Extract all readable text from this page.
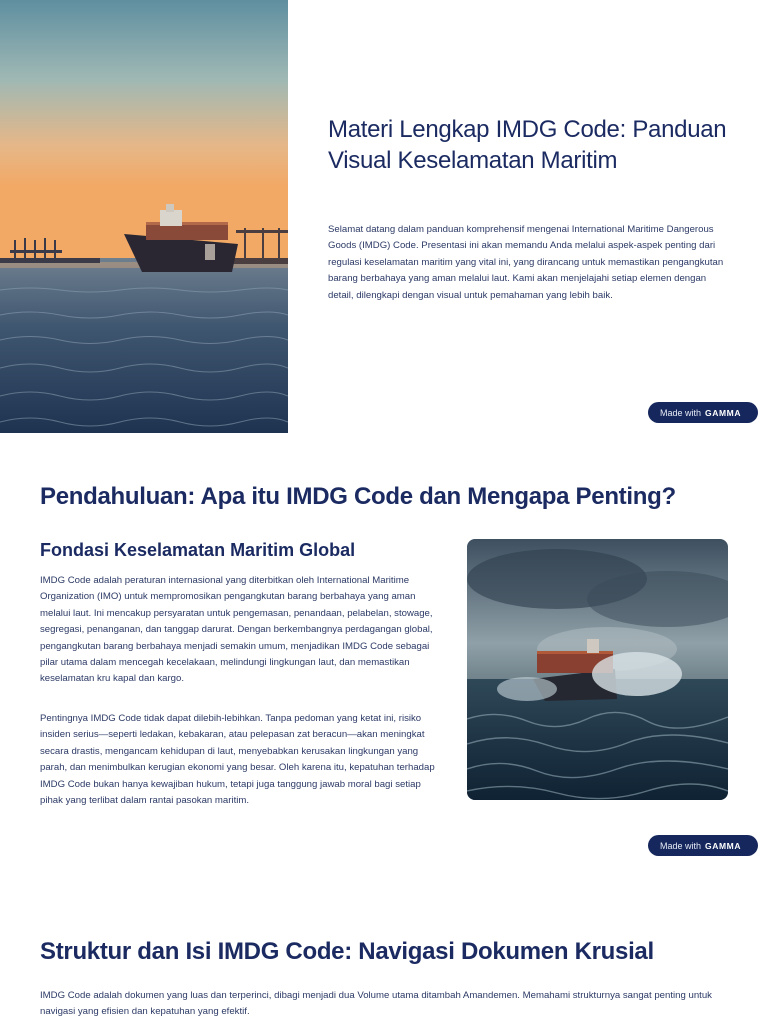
Materi Lengkap IMDG Code: Panduan Visual Keselamatan Maritim

Selamat datang dalam panduan komprehensif mengenai International Maritime Dangerous Goods (IMDG) Code. Presentasi ini akan memandu Anda melalui aspek-aspek penting dari regulasi keselamatan maritim yang vital ini, yang dirancang untuk memastikan pengangkutan barang berbahaya yang aman melalui laut. Kami akan menjelajahi setiap elemen dengan detail, dilengkapi dengan visual untuk pemahaman yang lebih baik.

Made with GAMMA
Pendahuluan: Apa itu IMDG Code dan Mengapa Penting?
Fondasi Keselamatan Maritim Global

IMDG Code adalah peraturan internasional yang diterbitkan oleh International Maritime Organization (IMO) untuk mempromosikan pengangkutan barang berbahaya yang aman melalui laut. Ini mencakup persyaratan untuk pengemasan, penandaan, pelabelan, stowage, segregasi, penanganan, dan tanggap darurat. Dengan berkembangnya perdagangan global, pengangkutan barang berbahaya menjadi semakin umum, menjadikan IMDG Code sebagai pilar utama dalam mencegah kecelakaan, melindungi lingkungan laut, dan memastikan keselamatan kru kapal dan kargo.

Pentingnya IMDG Code tidak dapat dilebih-lebihkan. Tanpa pedoman yang ketat ini, risiko insiden serius—seperti ledakan, kebakaran, atau pelepasan zat beracun—akan meningkat secara drastis, mengancam kehidupan di laut, menyebabkan kerusakan lingkungan yang parah, dan menimbulkan kerugian ekonomi yang besar. Oleh karena itu, kepatuhan terhadap IMDG Code bukan hanya kewajiban hukum, tetapi juga tanggung jawab moral bagi setiap pihak yang terlibat dalam rantai pasokan maritim.

Made with GAMMA
Struktur dan Isi IMDG Code: Navigasi Dokumen Krusial

IMDG Code adalah dokumen yang luas dan terperinci, dibagi menjadi dua Volume utama ditambah Amandemen. Memahami strukturnya sangat penting untuk navigasi yang efisien dan kepatuhan yang efektif.
